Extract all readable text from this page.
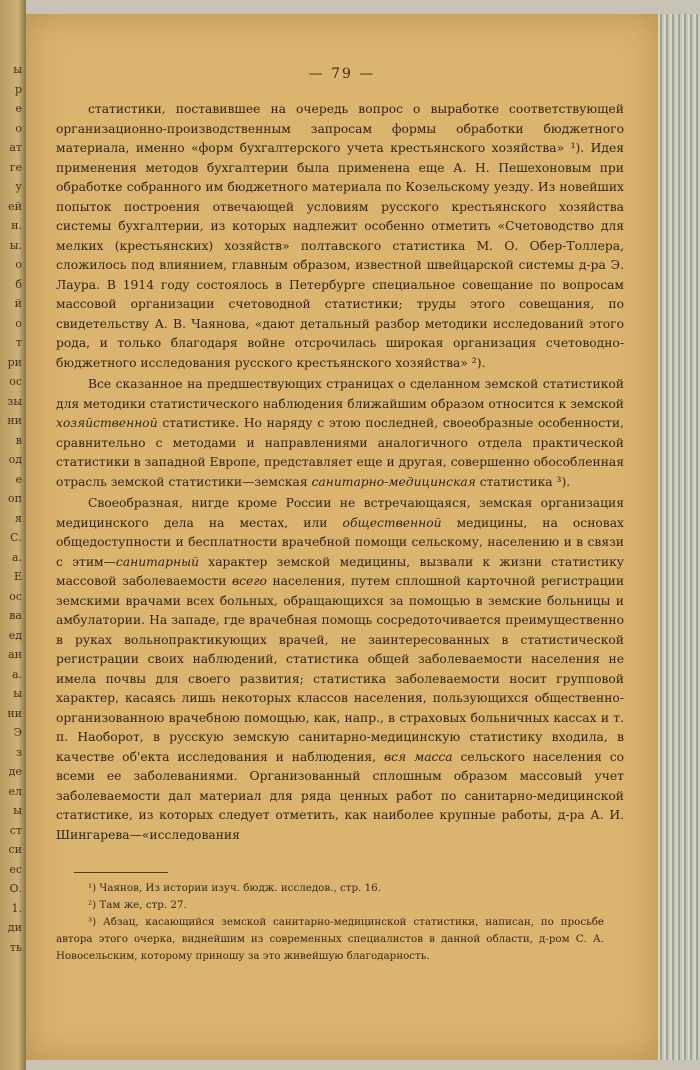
ы
р
е
о
ат
ге
у
ей
н.
ы.
о
б
й
о
т
ри
ос
зы
ни
в
од
е
оп
я
С.
а.
Е
ос
ва
ед
ан
а.
ы
ни
Э
з
де
ел
ы
ст
си
ес
О.
1.
ди
ть
— 79 —

статистики, поставившее на очередь вопрос о выработке соответствующей организационно-производственным запросам формы обработки бюджетного материала, именно «форм бухгалтерского учета крестьянского хозяйства» ¹). Идея применения методов бухгалтерии была применена еще А. Н. Пешехоновым при обработке собранного им бюджетного материала по Козельскому уезду. Из новейших попыток построения отвечающей условиям русского крестьянского хозяйства системы бухгалтерии, из которых надлежит особенно отметить «Счетоводство для мелких (крестьянских) хозяйств» полтавского статистика М. О. Обер-Толлера, сложилось под влиянием, главным образом, известной швейцарской системы д-ра Э. Лаура. В 1914 году состоялось в Петербурге специальное совещание по вопросам массовой организации счетоводной статистики; труды этого совещания, по свидетельству А. В. Чаянова, «дают детальный разбор методики исследований этого рода, и только благодаря войне отсрочилась широкая организация счетоводно-бюджетного исследования русского крестьянского хозяйства» ²).

Все сказанное на предшествующих страницах о сделанном земской статистикой для методики статистического наблюдения ближайшим образом относится к земской хозяйственной статистике. Но наряду с этою последней, своеобразные особенности, сравнительно с методами и направлениями аналогичного отдела практической статистики в западной Европе, представляет еще и другая, совершенно обособленная отрасль земской статистики—земская санитарно-медицинская статистика ³).

Своеобразная, нигде кроме России не встречающаяся, земская организация медицинского дела на местах, или общественной медицины, на основах общедоступности и бесплатности врачебной помощи сельскому, населению и в связи с этим—санитарный характер земской медицины, вызвали к жизни статистику массовой заболеваемости всего населения, путем сплошной карточной регистрации земскими врачами всех больных, обращающихся за помощью в земские больницы и амбулатории. На западе, где врачебная помощь сосредоточивается преимущественно в руках вольнопрактикующих врачей, не заинтересованных в статистической регистрации своих наблюдений, статистика общей заболеваемости населения не имела почвы для своего развития; статистика заболеваемости носит групповой характер, касаясь лишь некоторых классов населения, пользующихся общественно-организованною врачебною помощью, как, напр., в страховых больничных кассах и т. п. Наоборот, в русскую земскую санитарно-медицинскую статистику входила, в качестве об'екта исследования и наблюдения, вся масса сельского населения со всеми ее заболеваниями. Организованный сплошным образом массовый учет заболеваемости дал материал для ряда ценных работ по санитарно-медицинской статистике, из которых следует отметить, как наиболее крупные работы, д-ра А. И. Шингарева—«исследования

¹) Чаянов, Из истории изуч. бюдж. исследов., стр. 16.

²) Там же, стр. 27.

³) Абзац, касающийся земской санитарно-медицинской статистики, написан, по просьбе автора этого очерка, виднейшим из современных специалистов в данной области, д-ром С. А. Новосельским, которому приношу за это живейшую благодарность.
